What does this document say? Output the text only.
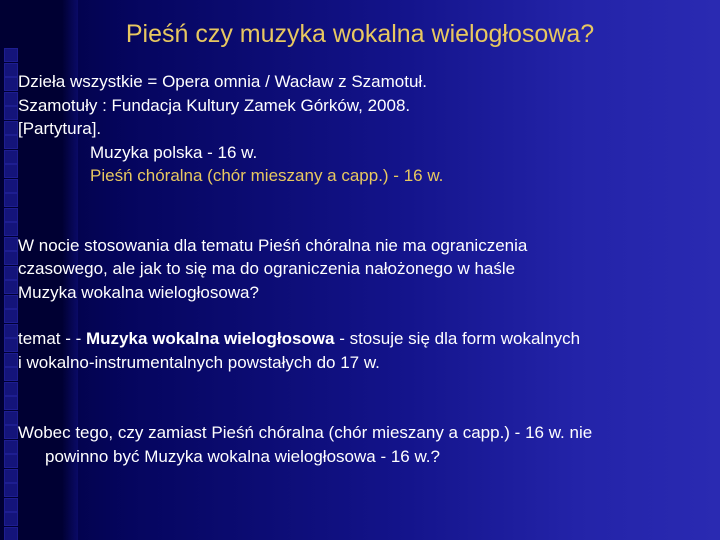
Pieśń czy muzyka wokalna wielogłosowa?

Dzieła wszystkie = Opera omnia / Wacław z Szamotuł.

Szamotuły : Fundacja Kultury Zamek Górków, 2008.

[Partytura].

Muzyka polska - 16 w.

Pieśń chóralna (chór mieszany a capp.) - 16 w.

W nocie stosowania dla tematu Pieśń chóralna nie ma ograniczenia

czasowego, ale jak to się ma do ograniczenia nałożonego w haśle

Muzyka wokalna wielogłosowa?

temat - - Muzyka wokalna wielogłosowa - stosuje się dla form wokalnych

i wokalno-instrumentalnych powstałych do 17 w.

Wobec tego, czy zamiast Pieśń chóralna (chór mieszany a capp.) - 16 w. nie

powinno być Muzyka wokalna wielogłosowa - 16 w.?
